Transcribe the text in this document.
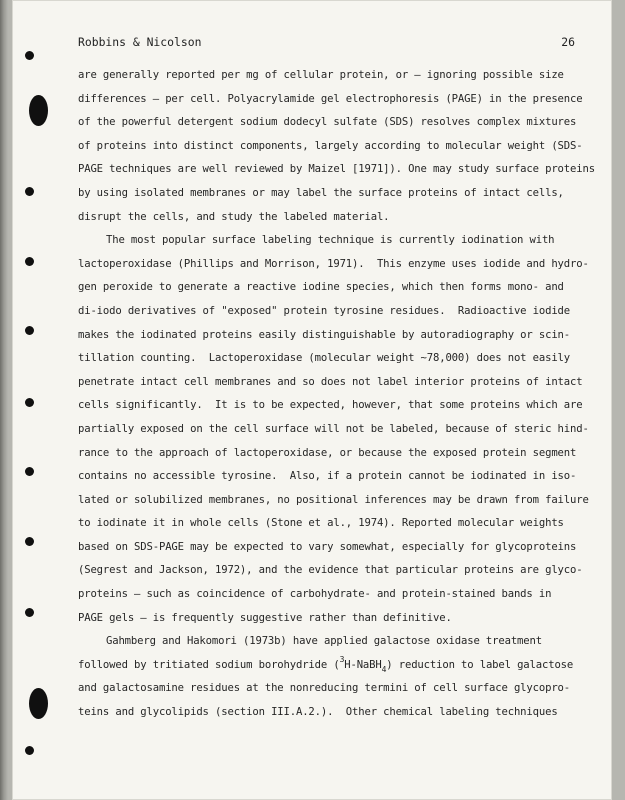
Robbins & Nicolson	26
are generally reported per mg of cellular protein, or — ignoring possible size
differences — per cell. Polyacrylamide gel electrophoresis (PAGE) in the presence
of the powerful detergent sodium dodecyl sulfate (SDS) resolves complex mixtures
of proteins into distinct components, largely according to molecular weight (SDS-
PAGE techniques are well reviewed by Maizel [1971]). One may study surface proteins
by using isolated membranes or may label the surface proteins of intact cells,
disrupt the cells, and study the labeled material.
The most popular surface labeling technique is currently iodination with
lactoperoxidase (Phillips and Morrison, 1971).  This enzyme uses iodide and hydro-
gen peroxide to generate a reactive iodine species, which then forms mono- and
di-iodo derivatives of "exposed" protein tyrosine residues.  Radioactive iodide
makes the iodinated proteins easily distinguishable by autoradiography or scin-
tillation counting.  Lactoperoxidase (molecular weight ∼78,000) does not easily
penetrate intact cell membranes and so does not label interior proteins of intact
cells significantly.  It is to be expected, however, that some proteins which are
partially exposed on the cell surface will not be labeled, because of steric hind-
rance to the approach of lactoperoxidase, or because the exposed protein segment
contains no accessible tyrosine.  Also, if a protein cannot be iodinated in iso-
lated or solubilized membranes, no positional inferences may be drawn from failure
to iodinate it in whole cells (Stone et al., 1974). Reported molecular weights
based on SDS-PAGE may be expected to vary somewhat, especially for glycoproteins
(Segrest and Jackson, 1972), and the evidence that particular proteins are glyco-
proteins — such as coincidence of carbohydrate- and protein-stained bands in
PAGE gels — is frequently suggestive rather than definitive.
Gahmberg and Hakomori (1973b) have applied galactose oxidase treatment
followed by tritiated sodium borohydride ($^3$H-NaBH$_4$) reduction to label galactose
and galactosamine residues at the nonreducing termini of cell surface glycopro-
teins and glycolipids (section III.A.2.).  Other chemical labeling techniques
